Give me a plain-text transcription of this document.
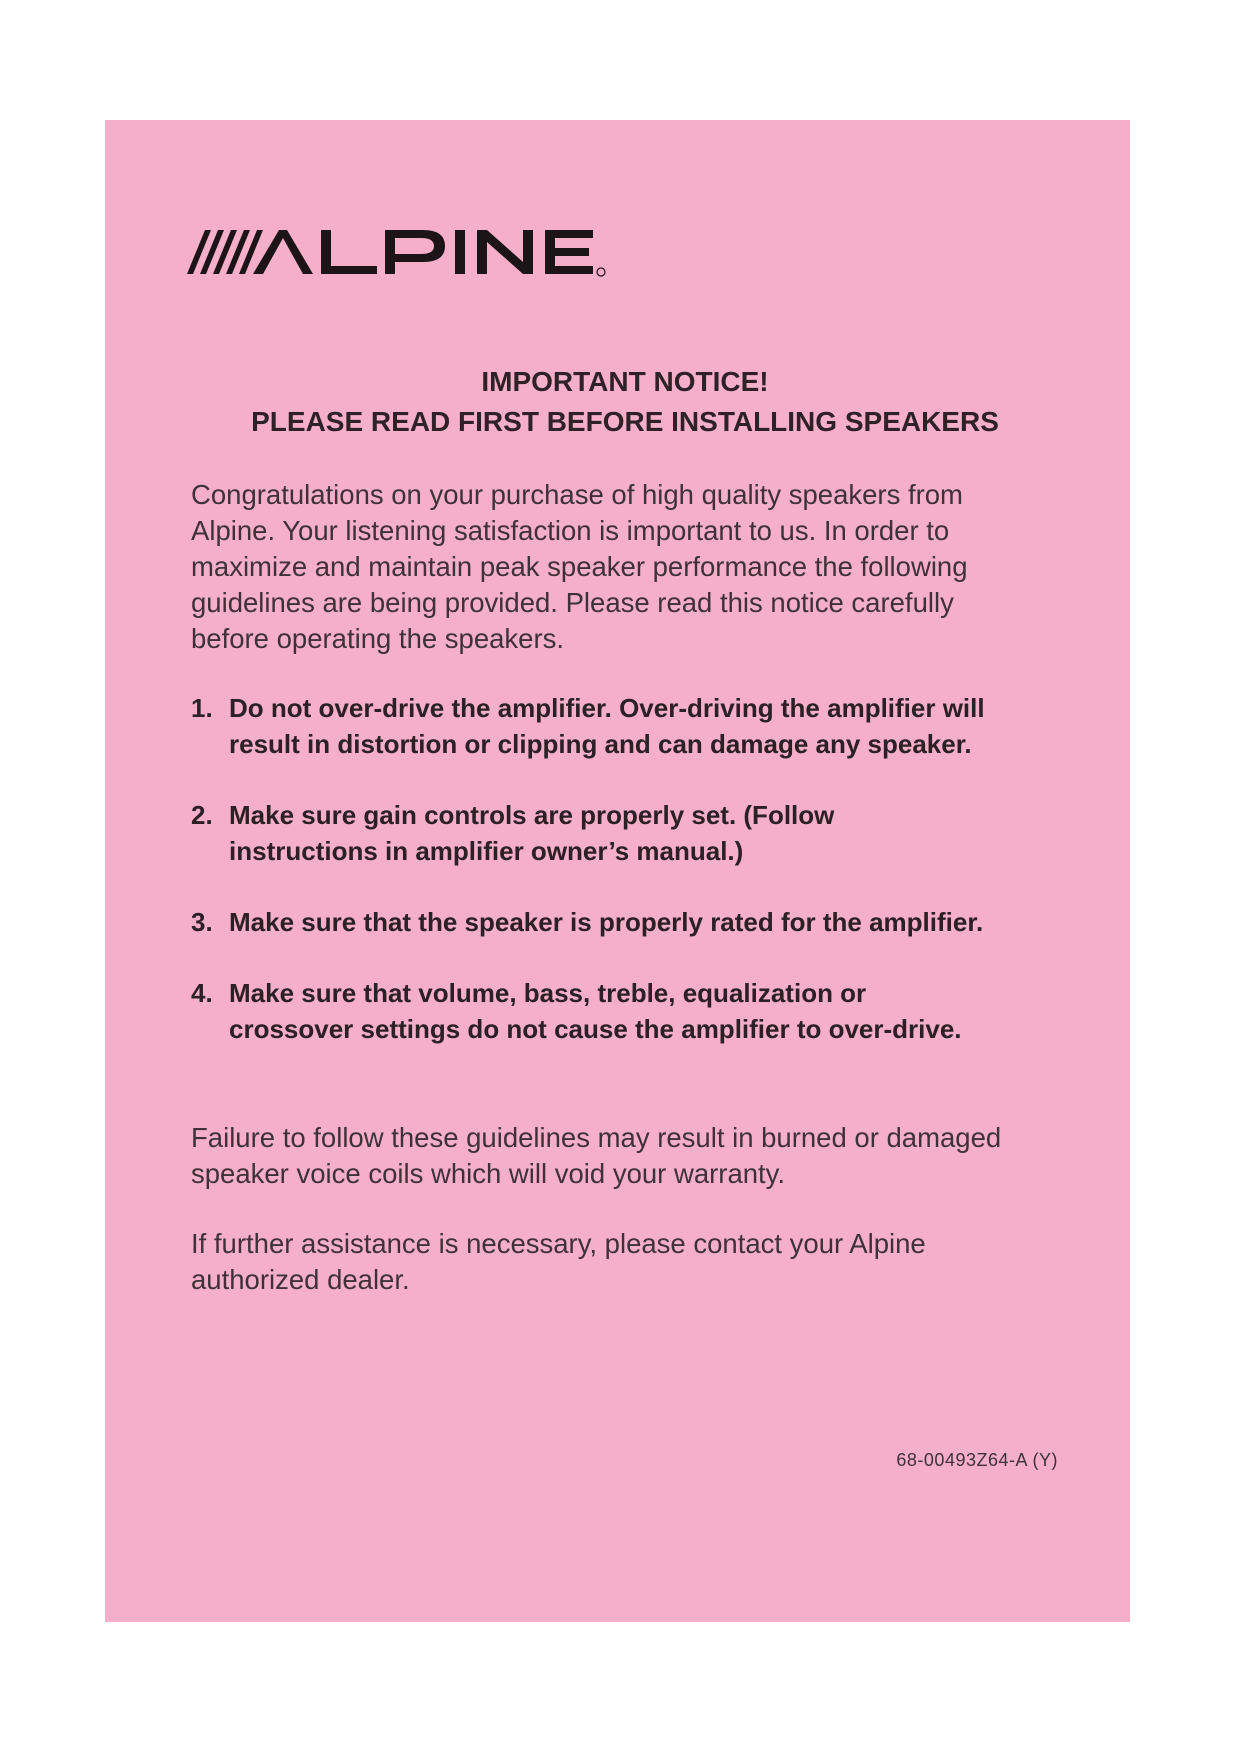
IMPORTANT NOTICE!
PLEASE READ FIRST BEFORE INSTALLING SPEAKERS
Congratulations on your purchase of high quality speakers from
Alpine. Your listening satisfaction is important to us. In order to
maximize and maintain peak speaker performance the following
guidelines are being provided. Please read this notice carefully
before operating the speakers.
1. Do not over-drive the amplifier. Over-driving the amplifier will
result in distortion or clipping and can damage any speaker.
2. Make sure gain controls are properly set. (Follow
instructions in amplifier owner’s manual.)
3. Make sure that the speaker is properly rated for the amplifier.
4. Make sure that volume, bass, treble, equalization or
crossover settings do not cause the amplifier to over-drive.
Failure to follow these guidelines may result in burned or damaged
speaker voice coils which will void your warranty.
If further assistance is necessary, please contact your Alpine
authorized dealer.
68-00493Z64-A (Y)
